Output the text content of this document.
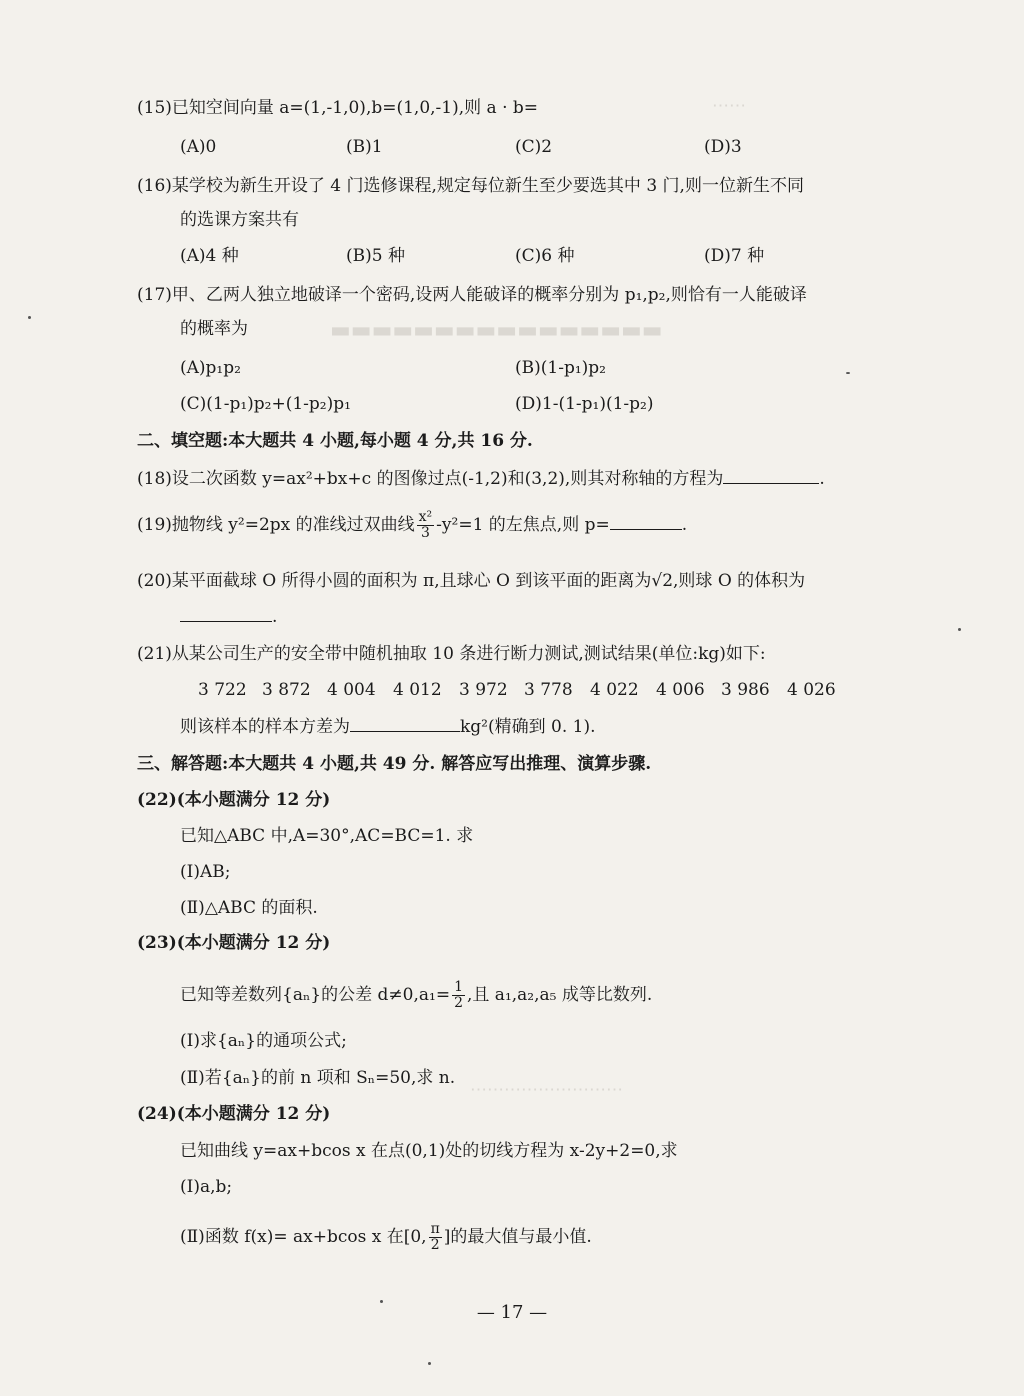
⋯⋯
▬▬▬▬▬▬▬▬▬▬▬▬▬▬▬▬
⋯⋯⋯⋯⋯⋯⋯⋯⋯
(15)已知空间向量 a=(1,-1,0),b=(1,0,-1),则 a · b=
(A)0	(B)1	(C)2	(D)3
(16)某学校为新生开设了 4 门选修课程,规定每位新生至少要选其中 3 门,则一位新生不同
的选课方案共有
(A)4 种	(B)5 种	(C)6 种	(D)7 种
(17)甲、乙两人独立地破译一个密码,设两人能破译的概率分别为 p₁,p₂,则恰有一人能破译
的概率为
(A)p₁p₂	(B)(1-p₁)p₂
(C)(1-p₁)p₂+(1-p₂)p₁	(D)1-(1-p₁)(1-p₂)
二、填空题:本大题共 4 小题,每小题 4 分,共 16 分.
(18)设二次函数 y=ax²+bx+c 的图像过点(-1,2)和(3,2),则其对称轴的方程为	.
(19)抛物线 y²=2px 的准线过双曲线 $\frac{\text{x²}}{3} -y^2=1$ 的左焦点,则 p=	.
(20)某平面截球 O 所得小圆的面积为 π,且球心 O 到该平面的距离为√2,则球 O 的体积为
.
(21)从某公司生产的安全带中随机抽取 10 条进行断力测试,测试结果(单位:kg)如下:
3 722 3 872 4 004 4 012 3 972 3 778 4 022 4 006 3 986 4 026
则该样本的样本方差为	kg²(精确到 0. 1).
三、解答题:本大题共 4 小题,共 49 分. 解答应写出推理、演算步骤.
(22)(本小题满分 12 分)
已知△ABC 中,A=30°,AC=BC=1. 求
(Ⅰ)AB;
(Ⅱ)△ABC 的面积.
(23)(本小题满分 12 分)
已知等差数列{aₙ}的公差 $d\ne 0,a_1= \frac{1}{2}$ ,且 a₁,a₂,a₅ 成等比数列.
(Ⅰ)求{aₙ}的通项公式;
(Ⅱ)若{aₙ}的前 n 项和 Sₙ=50,求 n.
(24)(本小题满分 12 分)
已知曲线 y=ax+bcos x 在点(0,1)处的切线方程为 x-2y+2=0,求
(Ⅰ)a,b;
(Ⅱ)函数 f(x)= ax+bcos x 在[0, $\frac{\pi}{2}$ ]的最大值与最小值.
— 17 —
